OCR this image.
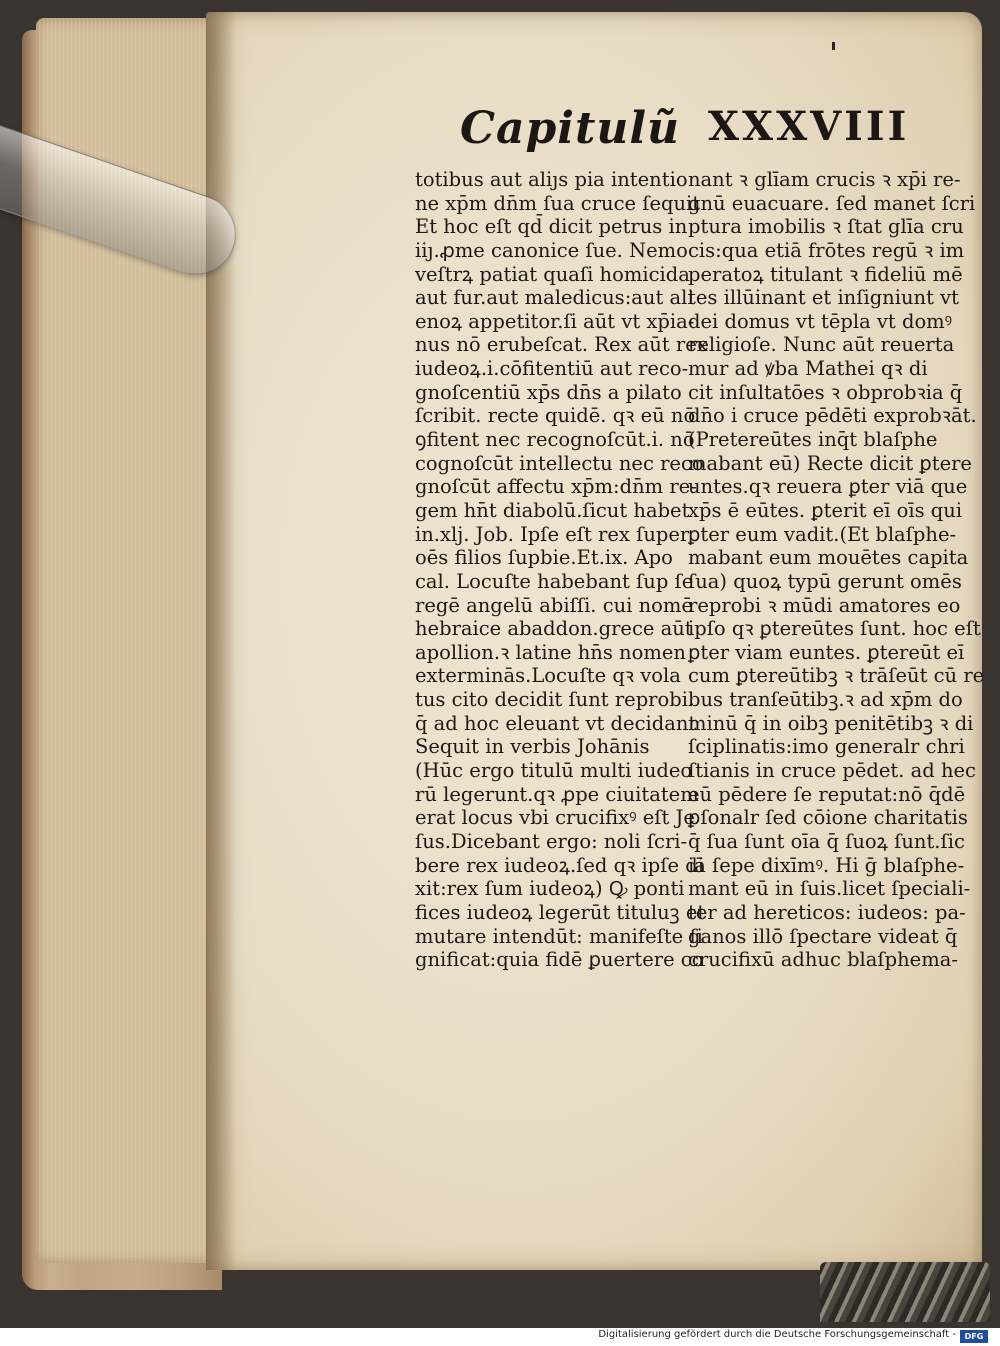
Capitulũ XXXVIII
totibus aut aliȷs pia intentio
ne xp̄m dn̄m ſua cruce ſequit
Et hoc eſt qd̄ dicit petrus in
iiȷ.ꝓme canonice ſue. Nemo
veſtrꝝ patiat quaſi homicida
aut fur.aut maledicus:aut ali
enoꝝ appetitor.ſi aūt vt xp̄ia-
nus nō erubeſcat. Rex aūt rex
iudeoꝝ.i.cōfitentiū aut reco-
gnoſcentiū xp̄s dn̄s a pilato
ſcribit. recte quidē. qꝛ eū nō
ꝯfitent nec recognoſcūt.i. nō
cognoſcūt intellectu nec reco
gnoſcūt affectu xp̄m:dn̄m re-
gem hn̄t diabolū.ſicut habet
in.xlj. Job. Ipſe eſt rex ſuper
oēs filios ſupbie.Et.ix. Apo
cal. Locuſte habebant ſup ſe
regē angelū abiſſi. cui nomē
hebraice abaddon.grece aūt
apollion.ꝛ latine hn̄s nomen
exterminās.Locuſte qꝛ vola
tus cito decidit ſunt reprobi.
q̄ ad hoc eleuant vt decidant
Sequit in verbis Johānis
(Hūc ergo titulū multi iudeo
rū legerunt.qꝛ ꝓpe ciuitatem
erat locus vbi crucifixꝰ eſt Je
ſus.Dicebant ergo: noli ſcri-
bere rex iudeoꝝ.ſed qꝛ ipſe di
xit:rex ſum iudeoꝝ) Ꝙ ponti
fices iudeoꝝ legerūt tituluꝫ et
mutare intendūt: manifeſte ſi
gnificat:quia fidē ꝑuertere co
nant ꝛ glīam crucis ꝛ xp̄i re-
gnū euacuare. ſed manet ſcri
ptura imobilis ꝛ ſtat glīa cru
cis:qua etiā frōtes regū ꝛ im
peratoꝝ titulant ꝛ fideliū mē
tes illūinant et inſigniunt vt
dei domus vt tēpla vt domꝰ
religioſe. Nunc aūt reuerta
mur ad ꝟba Mathei qꝛ di
cit inſultatōes ꝛ obprobꝛia q̄
dn̄o i cruce pēdēti exprobꝛāt.
(Pretereūtes inq̄t blaſphe
mabant eū) Recte dicit ꝑtere
untes.qꝛ reuera ꝑter viā que
xp̄s ē eūtes. ꝑterit eī oīs qui
ꝑter eum vadit.(Et blaſphe-
mabant eum mouētes capita
ſua) quoꝝ typū gerunt omēs
reprobi ꝛ mūdi amatores eo
ipſo qꝛ ꝑtereūtes ſunt. hoc eſt
ꝑter viam euntes. ꝑtereūt eī
cum ꝑtereūtibꝫ ꝛ trāſeūt cū re
bus tranſeūtibꝫ.ꝛ ad xp̄m do
minū q̄ in oibꝫ penitētibꝫ ꝛ di
ſciplinatis:imo generalr chri
ſtianis in cruce pēdet. ad hec
eū pēdere ſe reputat:nō q̄dē
ꝑſonalr ſed cōione charitatis
q̄ ſua ſunt oīa q̄ ſuoꝝ ſunt.ſic
iā ſepe dixīmꝰ. Hi ḡ blaſphe-
mant eū in ſuis.licet ſpeciali-
ter ad hereticos: iudeos: pa-
ganos illō ſpectare videat q̄
crucifixū adhuc blaſphema-
Digitalisierung gefördert durch die Deutsche Forschungsgemeinschaft -	DFG
